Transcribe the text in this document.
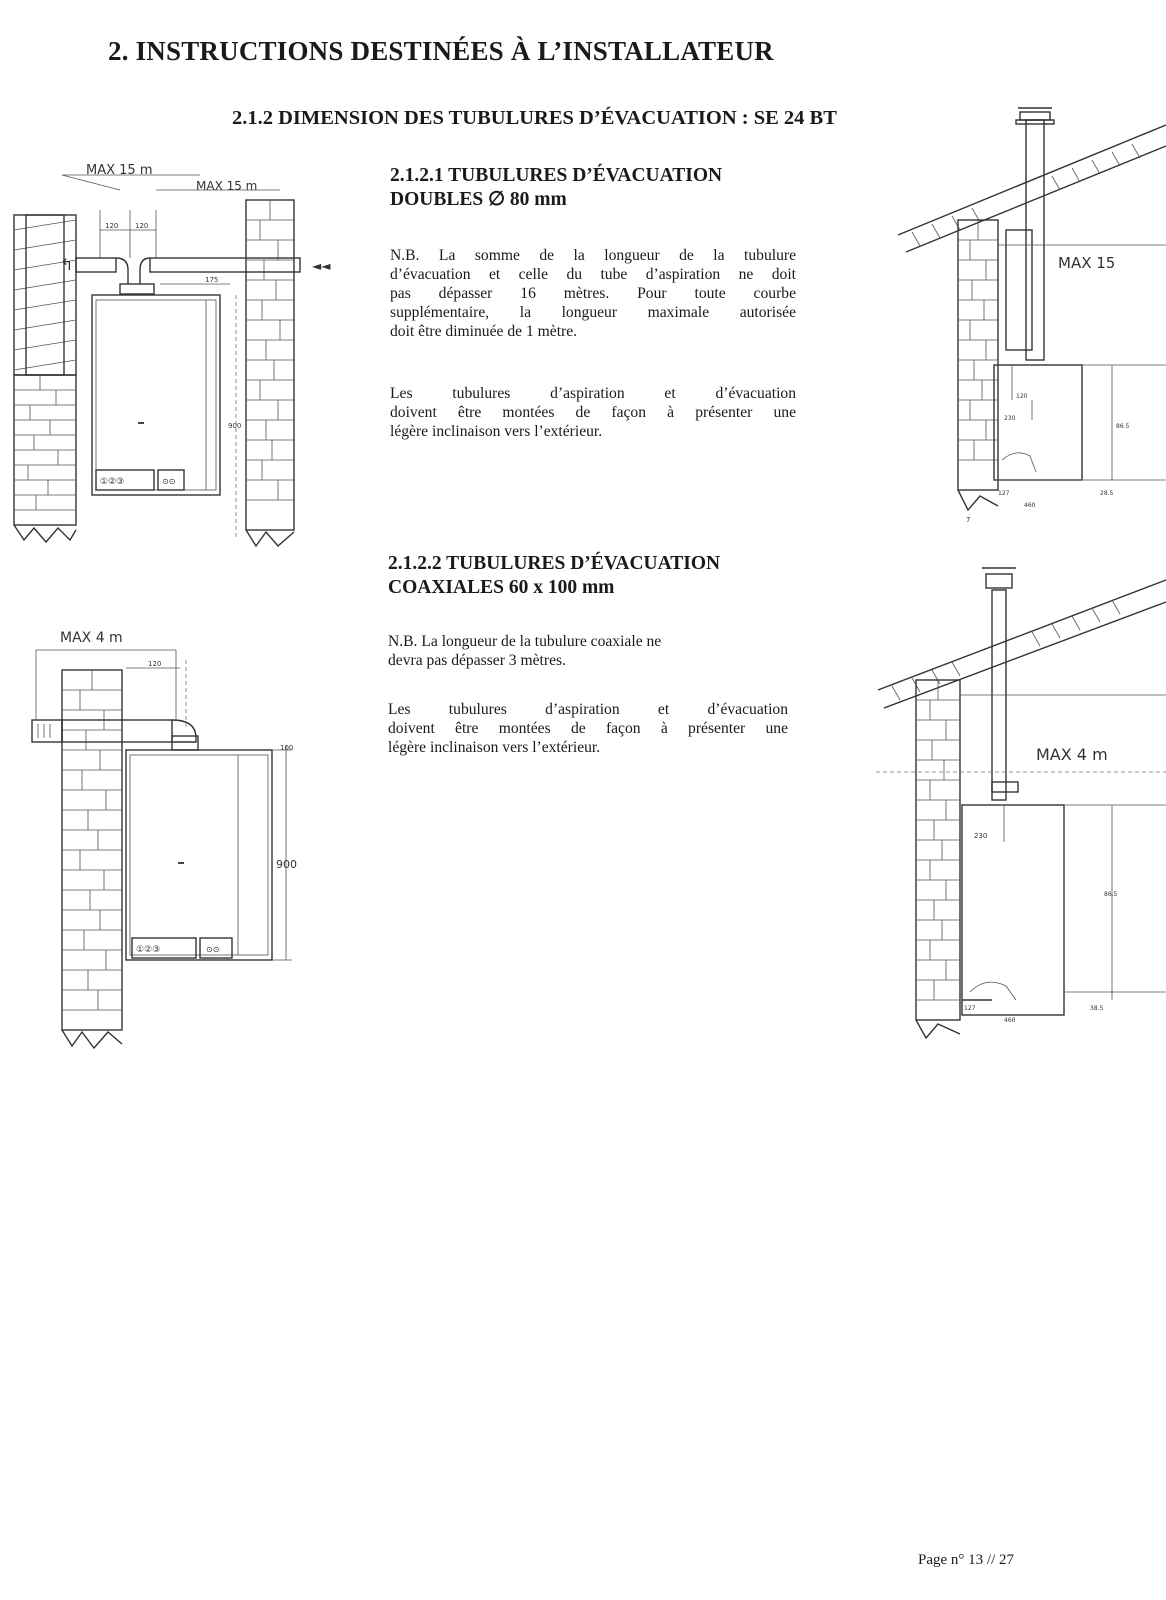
2. INSTRUCTIONS DESTINÉES À L’INSTALLATEUR
2.1.2 DIMENSION DES TUBULURES D’ÉVACUATION : SE 24 BT
2.1.2.1 TUBULURES D’ÉVACUATION
DOUBLES ∅ 80 mm
N.B. La somme de la longueur de la tubulure
d’évacuation et celle du tube d’aspiration ne doit
pas dépasser 16 mètres. Pour toute courbe
supplémentaire, la longueur maximale autorisée
doit être diminuée de 1 mètre.
Les tubulures d’aspiration et d’évacuation
doivent être montées de façon à présenter une
légère inclinaison vers l’extérieur.
2.1.2.2 TUBULURES D’ÉVACUATION
COAXIALES 60 x 100 mm
N.B. La longueur de la tubulure coaxiale ne
devra pas dépasser 3 mètres.
Les tubulures d’aspiration et d’évacuation
doivent être montées de façon à présenter une
légère inclinaison vers l’extérieur.
↰	◄◄
①②③	⊙⊙
MAX 15 m
MAX 15 m
120 120
175
900
①②③	⊙⊙
MAX 4 m
120
100
900
MAX 15
120
230
86.5
127	28.5
460
7
MAX 4 m
230
86.5
127	38.5
460
Page n° 13 // 27
